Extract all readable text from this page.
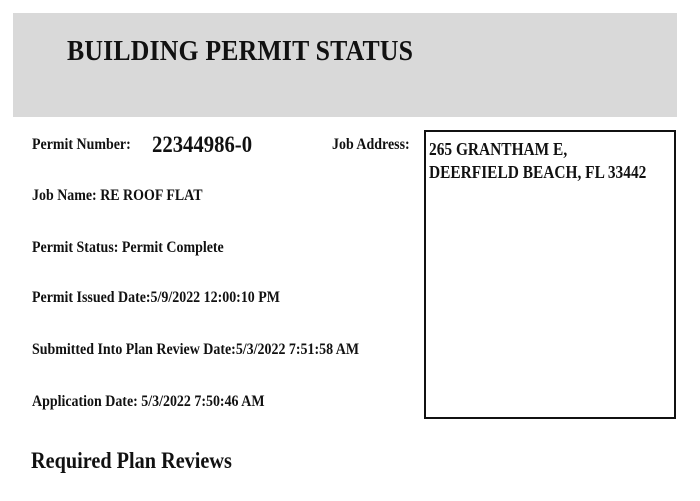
BUILDING PERMIT STATUS
Permit Number: 22344986-0	Job Address: 265 GRANTHAM E,
DEERFIELD BEACH, FL 33442
Job Name: RE ROOF FLAT
Permit Status: Permit Complete
Permit Issued Date:5/9/2022 12:00:10 PM
Submitted Into Plan Review Date:5/3/2022 7:51:58 AM
Application Date: 5/3/2022 7:50:46 AM
Required Plan Reviews
